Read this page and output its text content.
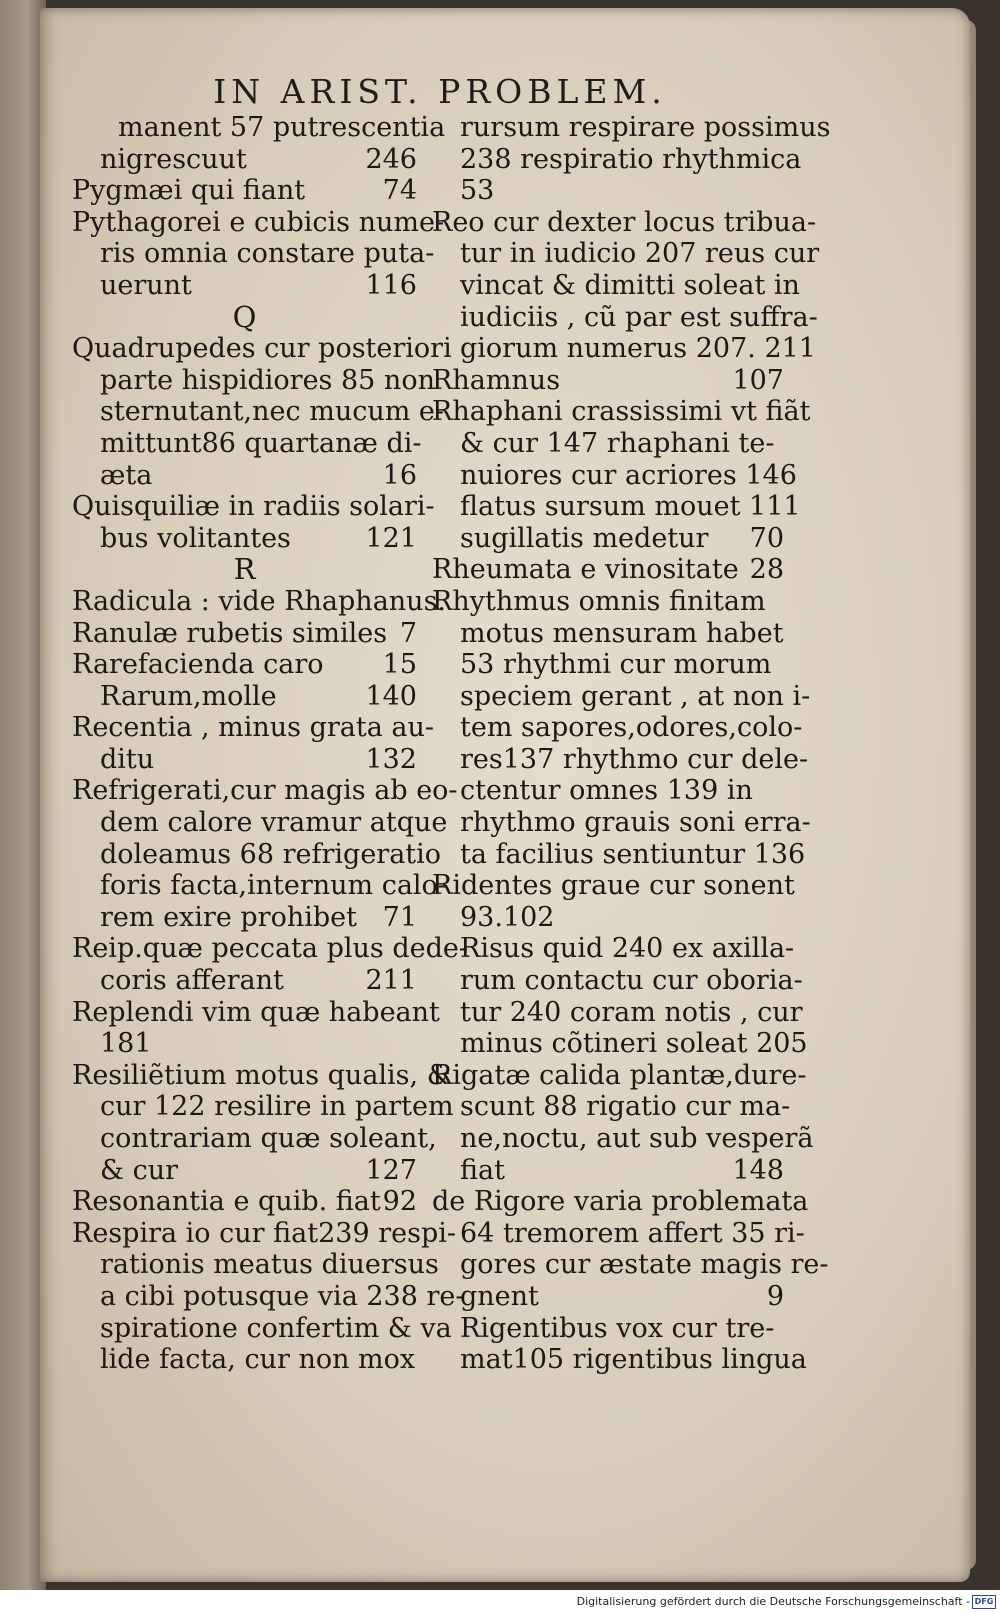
IN ARIST. PROBLEM.
manent 57 putrescentia
nigrescuut	246
Pygmæi qui fiant	74
Pythagorei e cubicis nume-
ris omnia constare puta-
uerunt	116
Q
Quadrupedes cur posteriori
parte hispidiores 85 non
sternutant,nec mucum e-
mittunt86 quartanæ di-
æta	16
Quisquiliæ in radiis solari-
bus volitantes	121
R
Radicula : vide Rhaphanus.
Ranulæ rubetis similes 7
Rarefacienda caro 15
Rarum,molle	140
Recentia , minus grata au-
ditu	132
Refrigerati,cur magis ab eo-
dem calore vramur atque
doleamus 68 refrigeratio
foris facta,internum calo-
rem exire prohibet 71
Reip.quæ peccata plus dede-
coris afferant	211
Replendi vim quæ habeant
181
Resiliẽtium motus qualis, &
cur 122 resilire in partem
contrariam quæ soleant,
& cur	127
Resonantia e quib. fiat 92
Respira io cur fiat239 respi-
rationis meatus diuersus
a cibi potusque via 238 re-
spiratione confertim & va
lide facta, cur non mox
rursum respirare possimus
238 respiratio rhythmica
53
Reo cur dexter locus tribua-
tur in iudicio 207 reus cur
vincat & dimitti soleat in
iudiciis , cũ par est suffra-
giorum numerus 207. 211
Rhamnus	107
Rhaphani crassissimi vt fiãt
& cur 147 rhaphani te-
nuiores cur acriores 146
flatus sursum mouet 111
sugillatis medetur 70
Rheumata e vinositate 28
Rhythmus omnis finitam
motus mensuram habet
53 rhythmi cur morum
speciem gerant , at non i-
tem sapores,odores,colo-
res137 rhythmo cur dele-
ctentur omnes 139 in
rhythmo grauis soni erra-
ta facilius sentiuntur 136
Ridentes graue cur sonent
93.102
Risus quid 240 ex axilla-
rum contactu cur oboria-
tur 240 coram notis , cur
minus cõtineri soleat 205
Rigatæ calida plantæ,dure-
scunt 88 rigatio cur ma-
ne,noctu, aut sub vesperã
fiat	148
de Rigore varia problemata
64 tremorem affert 35 ri-
gores cur æstate magis re-
gnent	9
Rigentibus vox cur tre-
mat105 rigentibus lingua
Digitalisierung gefördert durch die Deutsche Forschungsgemeinschaft - DFG
